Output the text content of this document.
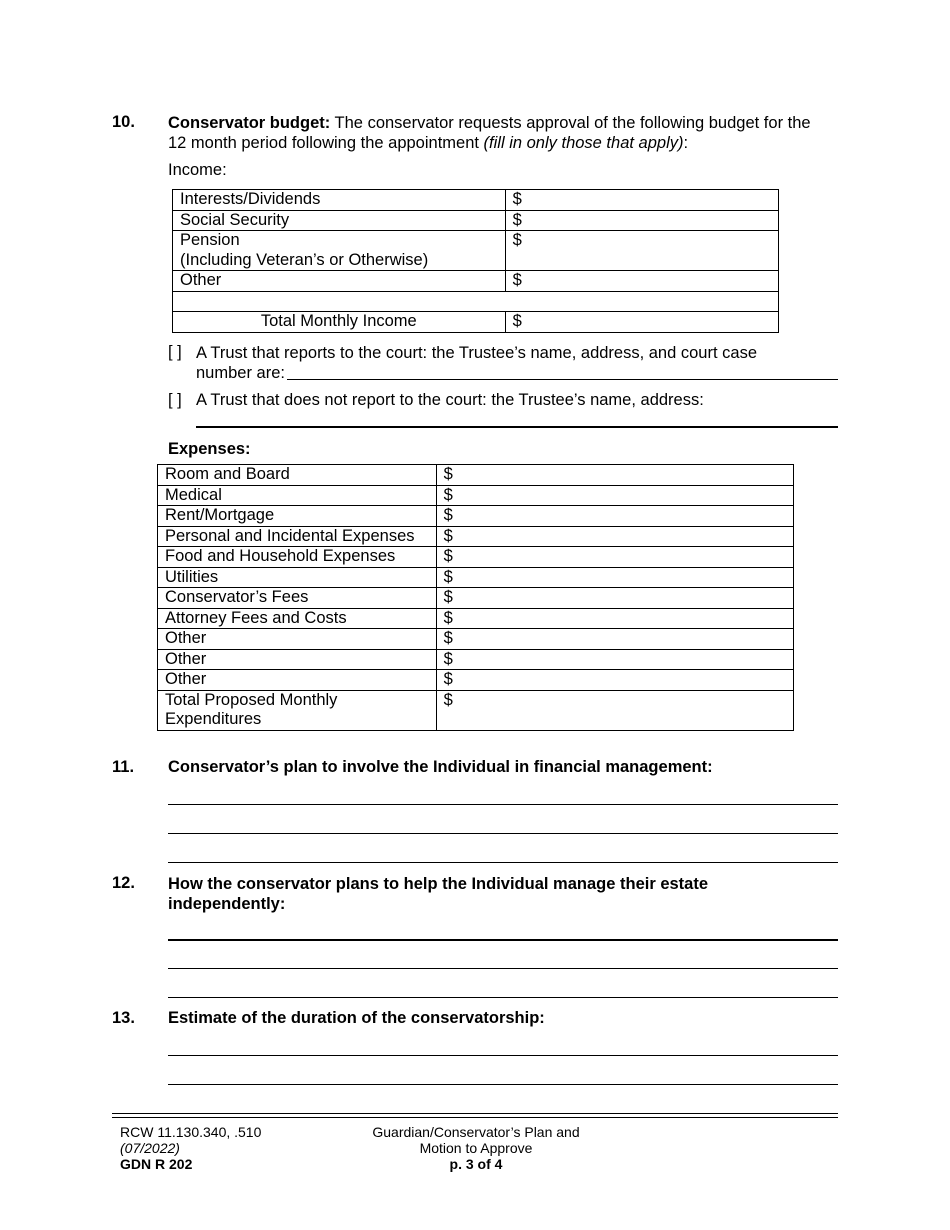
10. Conservator budget: The conservator requests approval of the following budget for the
12 month period following the appointment (fill in only those that apply):
Income:
Interests/Dividends	$
Social Security	$
Pension
(Including Veteran’s or Otherwise)	$
Other	$

Total Monthly Income	$
[ ] A Trust that reports to the court: the Trustee’s name, address, and court case
number are:
[ ] A Trust that does not report to the court: the Trustee’s name, address:
Expenses:
Room and Board	$
Medical	$
Rent/Mortgage	$
Personal and Incidental Expenses	$
Food and Household Expenses	$
Utilities	$
Conservator’s Fees	$
Attorney Fees and Costs	$
Other	$
Other	$
Other	$
Total Proposed Monthly
Expenditures	$
11. Conservator’s plan to involve the Individual in financial management:
12. How the conservator plans to help the Individual manage their estate
independently:
13. Estimate of the duration of the conservatorship:
RCW 11.130.340, .510
(07/2022)
GDN R 202
Guardian/Conservator’s Plan and
Motion to Approve
p. 3 of 4
